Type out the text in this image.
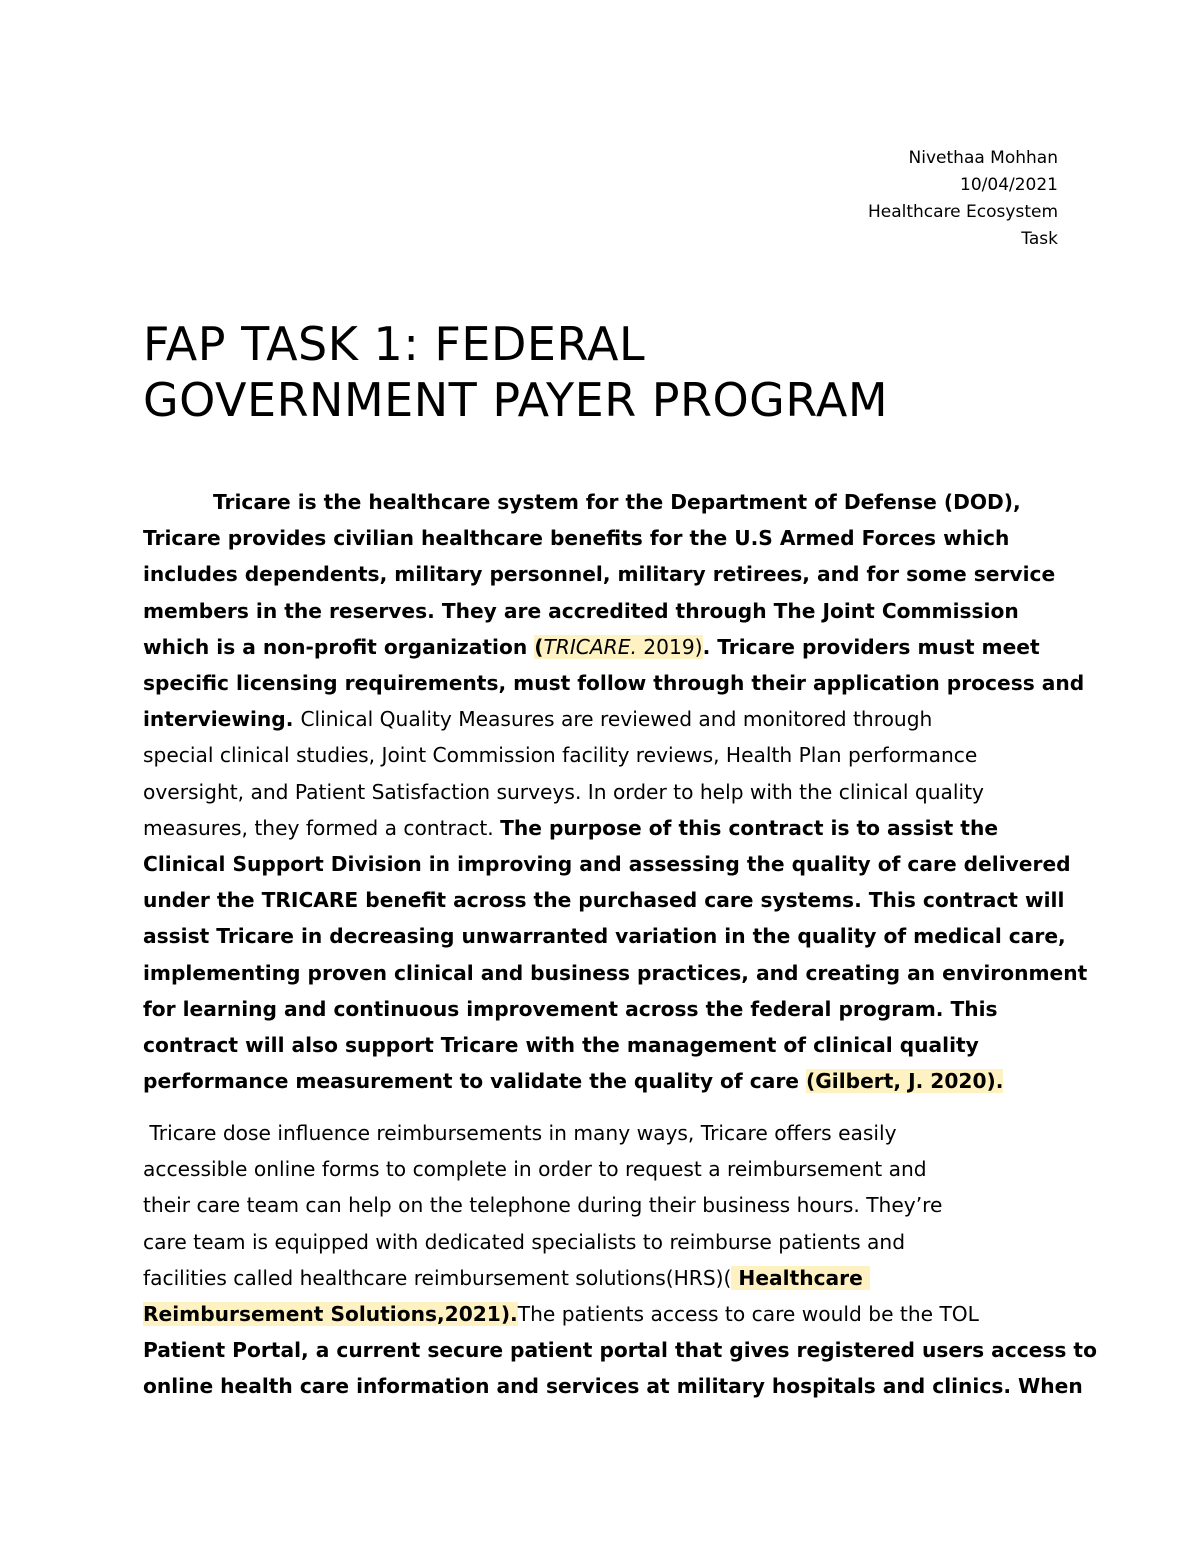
Nivethaa Mohhan
10/04/2021
Healthcare Ecosystem
Task
FAP TASK 1: FEDERAL
GOVERNMENT PAYER PROGRAM
Tricare is the healthcare system for the Department of Defense (DOD),
Tricare provides civilian healthcare benefits for the U.S Armed Forces which
includes dependents, military personnel, military retirees, and for some service
members in the reserves. They are accredited through The Joint Commission
which is a non-profit organization (TRICARE. 2019). Tricare providers must meet
specific licensing requirements, must follow through their application process and
interviewing. Clinical Quality Measures are reviewed and monitored through
special clinical studies, Joint Commission facility reviews, Health Plan performance
oversight, and Patient Satisfaction surveys. In order to help with the clinical quality
measures, they formed a contract. The purpose of this contract is to assist the
Clinical Support Division in improving and assessing the quality of care delivered
under the TRICARE benefit across the purchased care systems. This contract will
assist Tricare in decreasing unwarranted variation in the quality of medical care,
implementing proven clinical and business practices, and creating an environment
for learning and continuous improvement across the federal program. This
contract will also support Tricare with the management of clinical quality
performance measurement to validate the quality of care (Gilbert, J. 2020).
Tricare dose influence reimbursements in many ways, Tricare offers easily
accessible online forms to complete in order to request a reimbursement and
their care team can help on the telephone during their business hours. They’re
care team is equipped with dedicated specialists to reimburse patients and
facilities called healthcare reimbursement solutions(HRS)( Healthcare
Reimbursement Solutions,2021).The patients access to care would be the TOL
Patient Portal, a current secure patient portal that gives registered users access to
online health care information and services at military hospitals and clinics. When
